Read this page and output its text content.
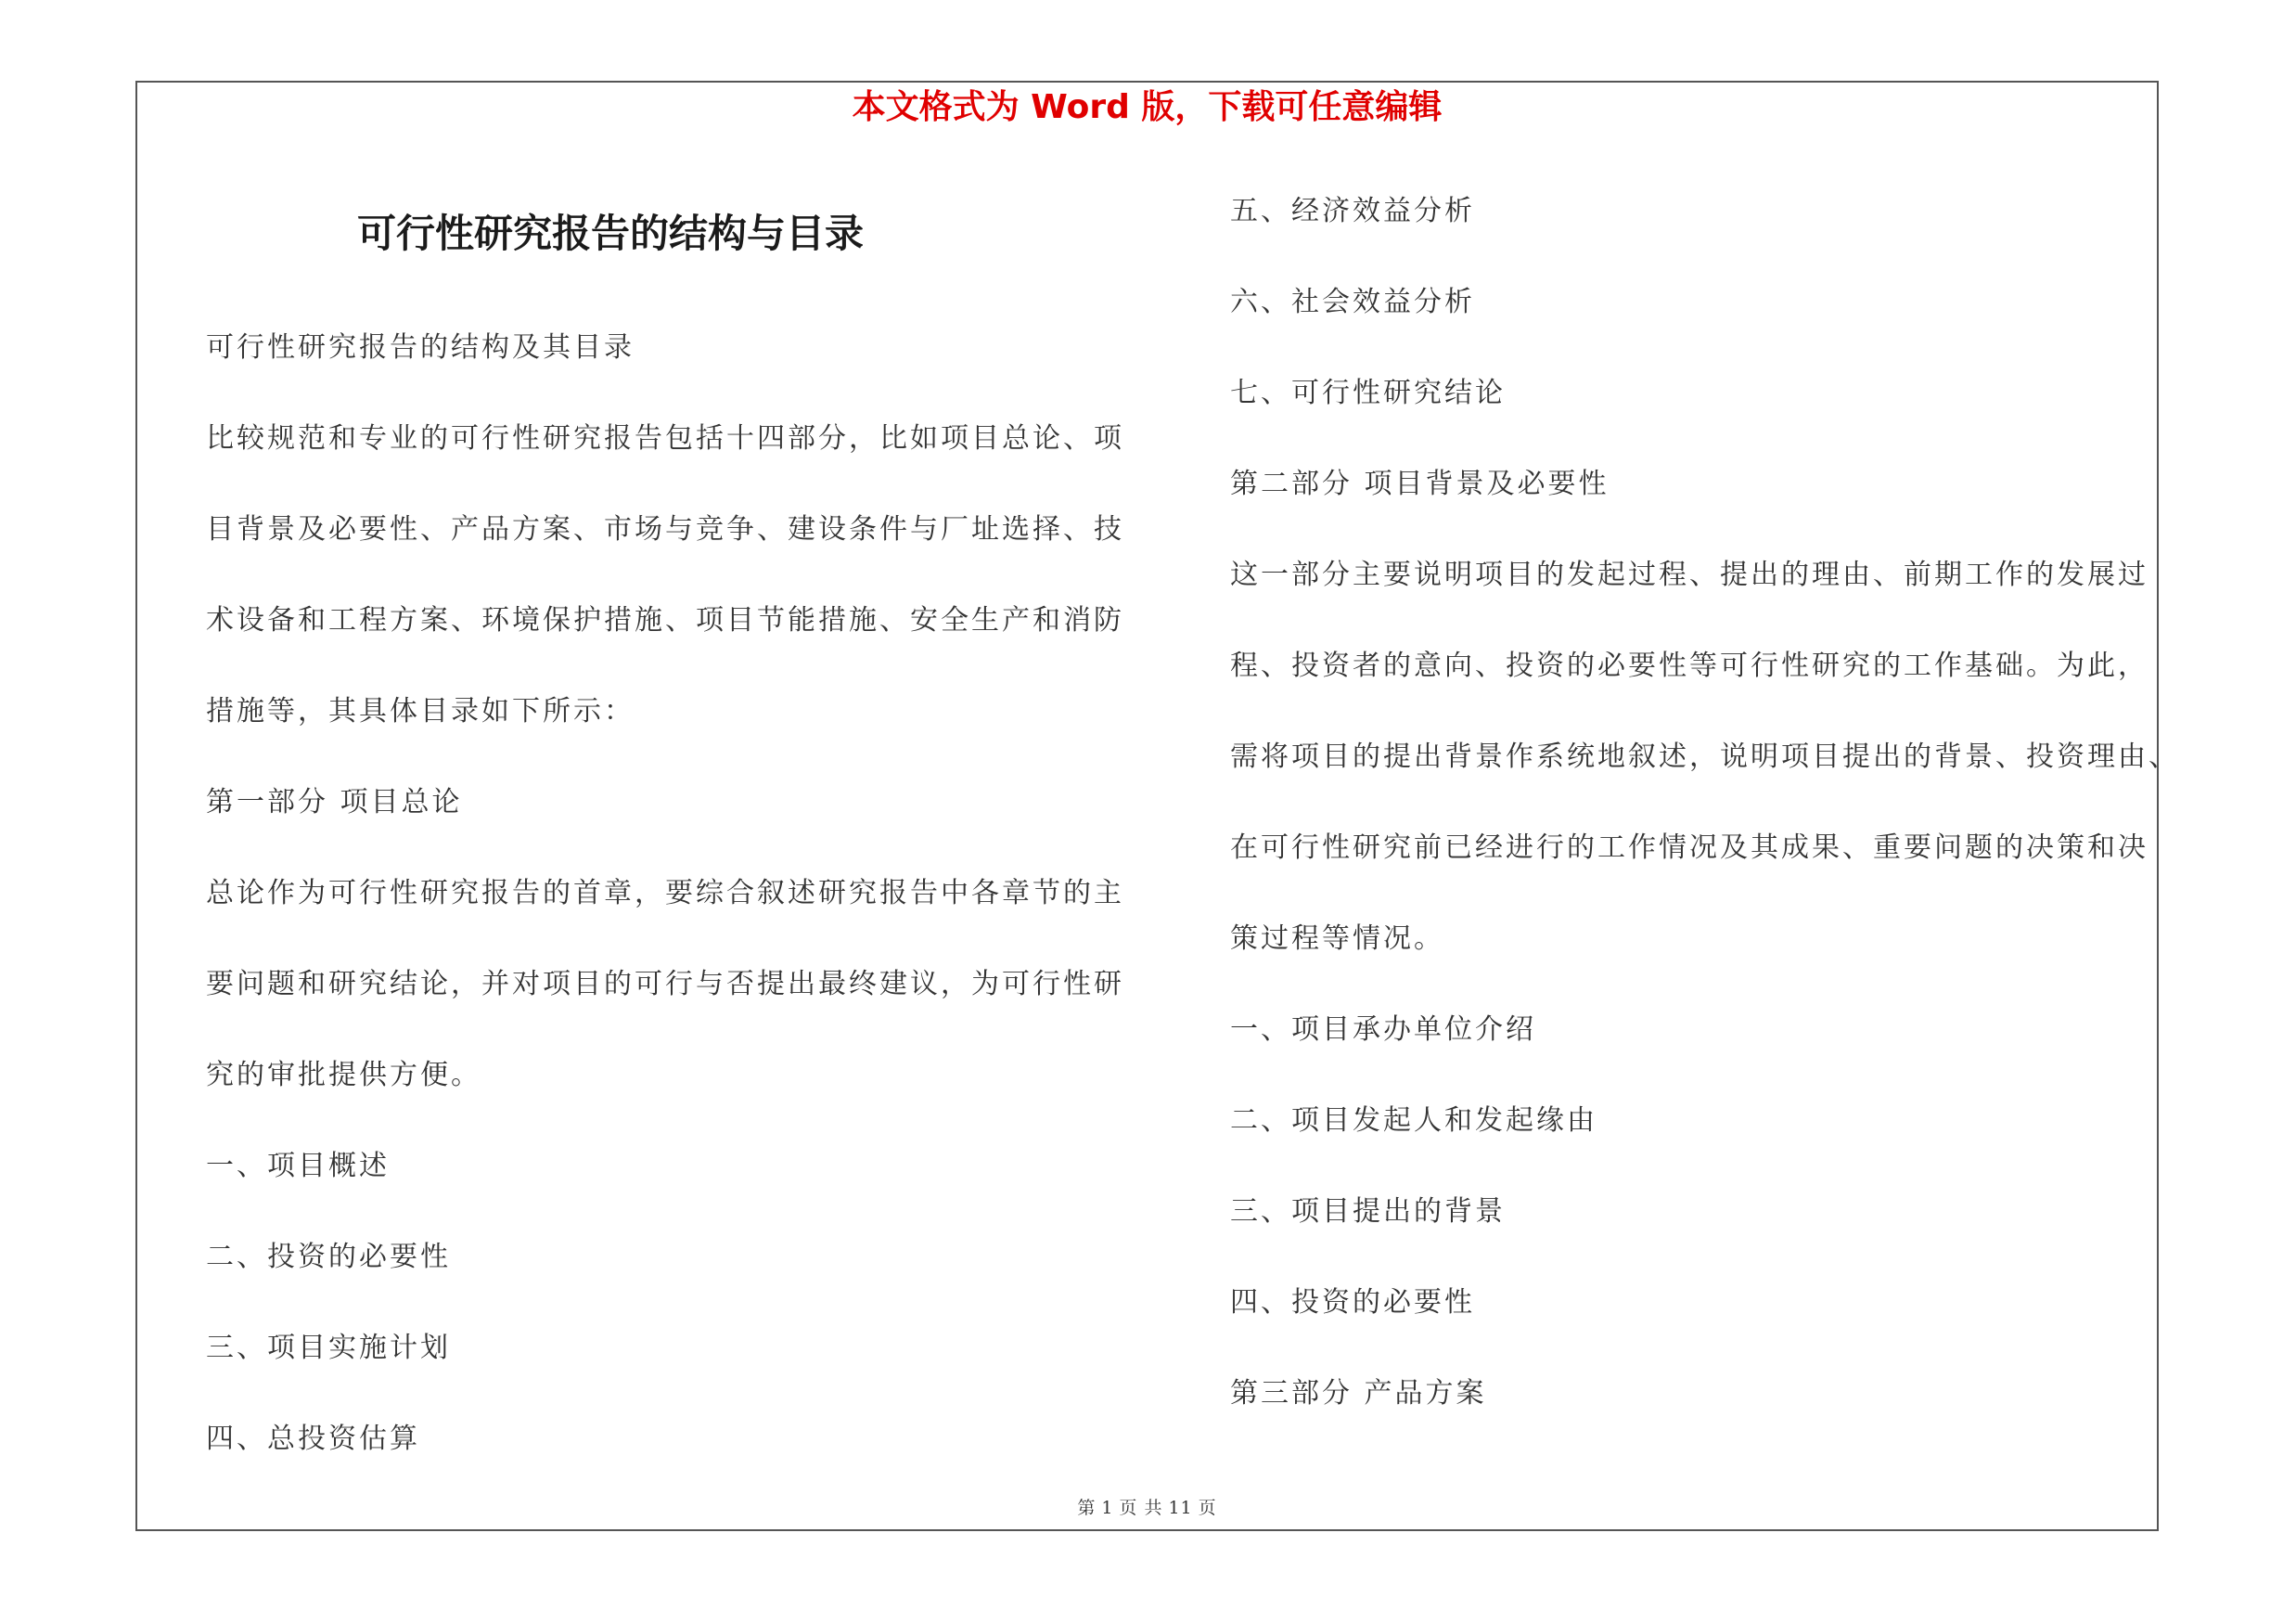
本文格式为 Word 版，下载可任意编辑
可行性研究报告的结构与目录

可行性研究报告的结构及其目录

比较规范和专业的可行性研究报告包括十四部分，比如项目总论、项

目背景及必要性、产品方案、市场与竞争、建设条件与厂址选择、技

术设备和工程方案、环境保护措施、项目节能措施、安全生产和消防

措施等，其具体目录如下所示：

第一部分 项目总论

总论作为可行性研究报告的首章，要综合叙述研究报告中各章节的主

要问题和研究结论，并对项目的可行与否提出最终建议，为可行性研

究的审批提供方便。

一、项目概述

二、投资的必要性

三、项目实施计划

四、总投资估算

五、经济效益分析

六、社会效益分析

七、可行性研究结论

第二部分 项目背景及必要性

这一部分主要说明项目的发起过程、提出的理由、前期工作的发展过

程、投资者的意向、投资的必要性等可行性研究的工作基础。为此，

需将项目的提出背景作系统地叙述，说明项目提出的背景、投资理由、

在可行性研究前已经进行的工作情况及其成果、重要问题的决策和决

策过程等情况。

一、项目承办单位介绍

二、项目发起人和发起缘由

三、项目提出的背景

四、投资的必要性

第三部分 产品方案

第 1 页 共 11 页
